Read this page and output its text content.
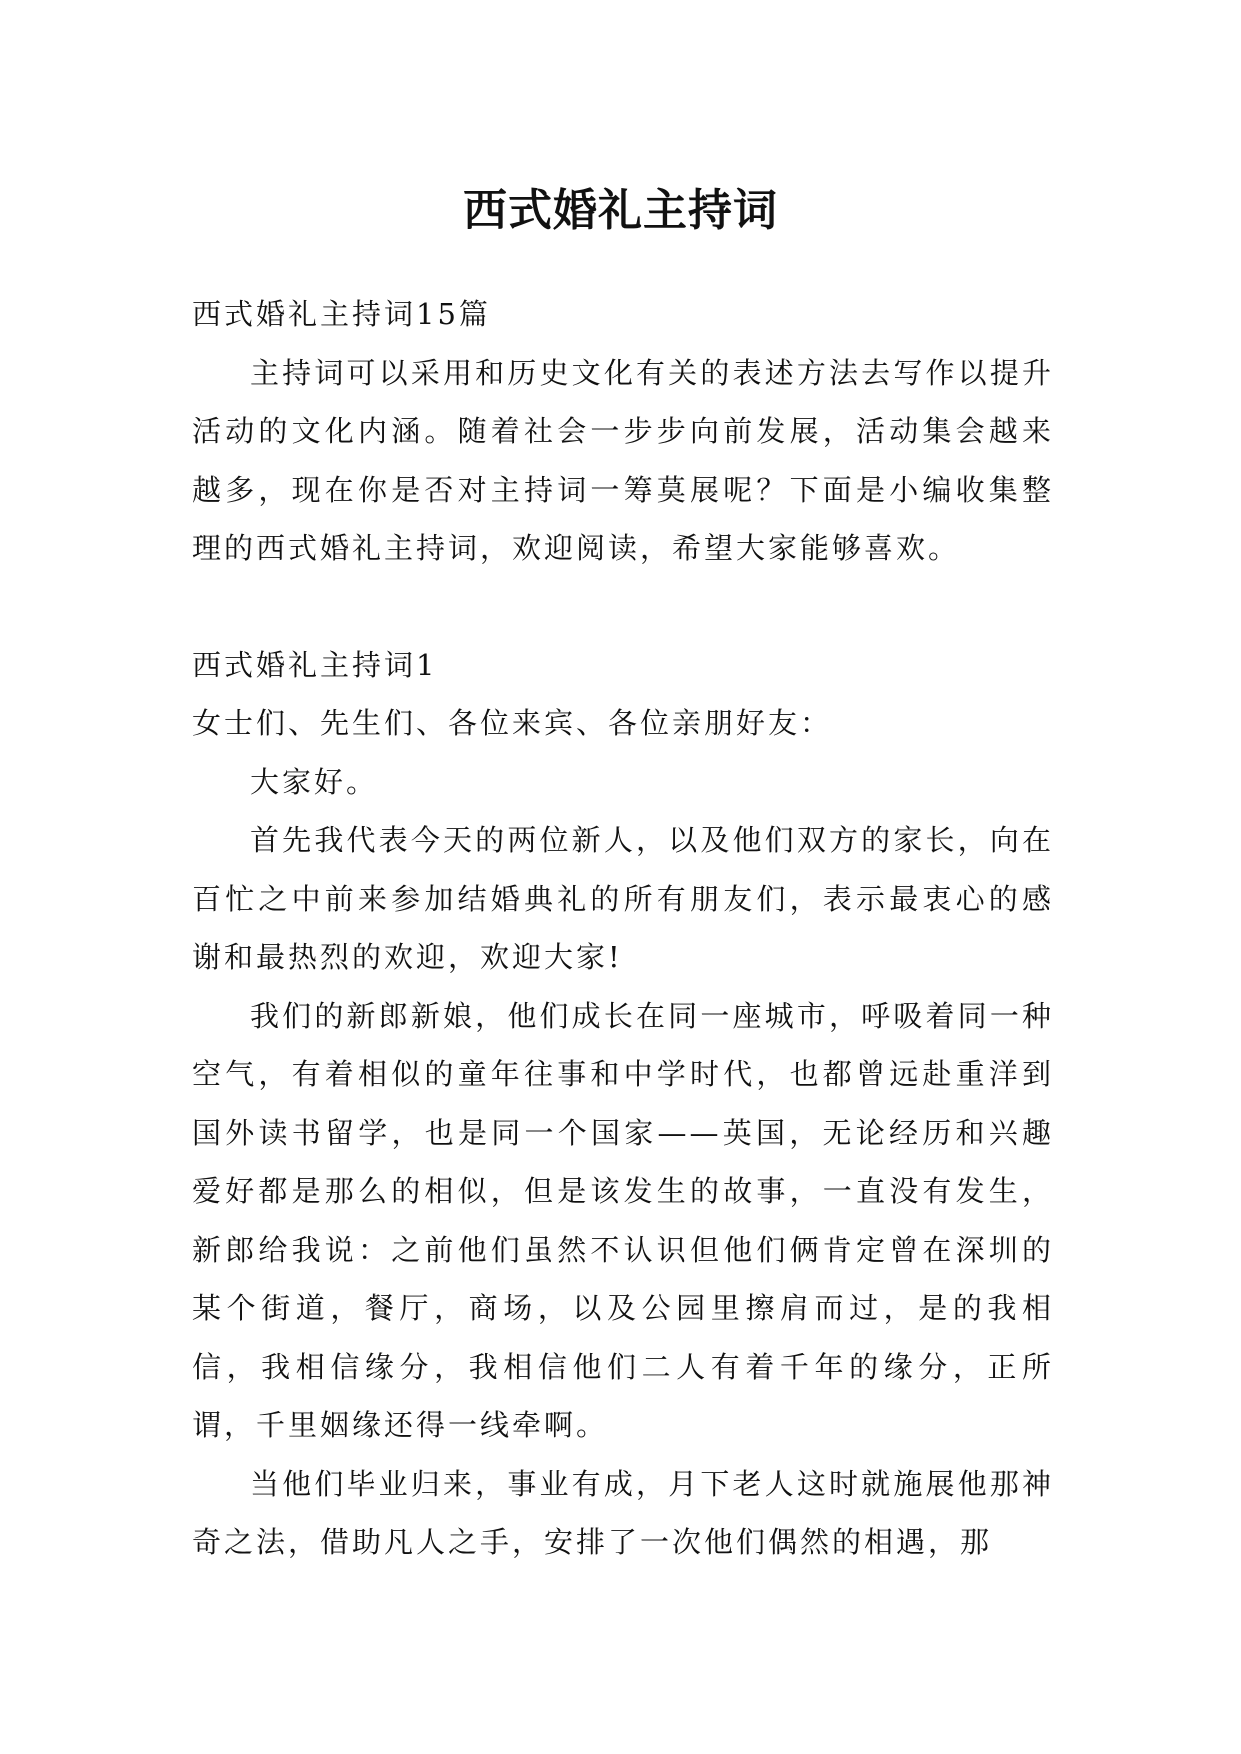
西式婚礼主持词

西式婚礼主持词15篇

主持词可以采用和历史文化有关的表述方法去写作以提升活动的文化内涵。随着社会一步步向前发展，活动集会越来越多，现在你是否对主持词一筹莫展呢？下面是小编收集整理的西式婚礼主持词，欢迎阅读，希望大家能够喜欢。

西式婚礼主持词1

女士们、先生们、各位来宾、各位亲朋好友：

大家好。

首先我代表今天的两位新人，以及他们双方的家长，向在百忙之中前来参加结婚典礼的所有朋友们，表示最衷心的感谢和最热烈的欢迎，欢迎大家!

我们的新郎新娘，他们成长在同一座城市，呼吸着同一种空气，有着相似的童年往事和中学时代，也都曾远赴重洋到国外读书留学，也是同一个国家——英国，无论经历和兴趣爱好都是那么的相似，但是该发生的故事，一直没有发生，新郎给我说：之前他们虽然不认识但他们俩肯定曾在深圳的某个街道，餐厅，商场，以及公园里擦肩而过，是的我相信，我相信缘分，我相信他们二人有着千年的缘分，正所谓，千里姻缘还得一线牵啊。

当他们毕业归来，事业有成，月下老人这时就施展他那神奇之法，借助凡人之手，安排了一次他们偶然的相遇，那
